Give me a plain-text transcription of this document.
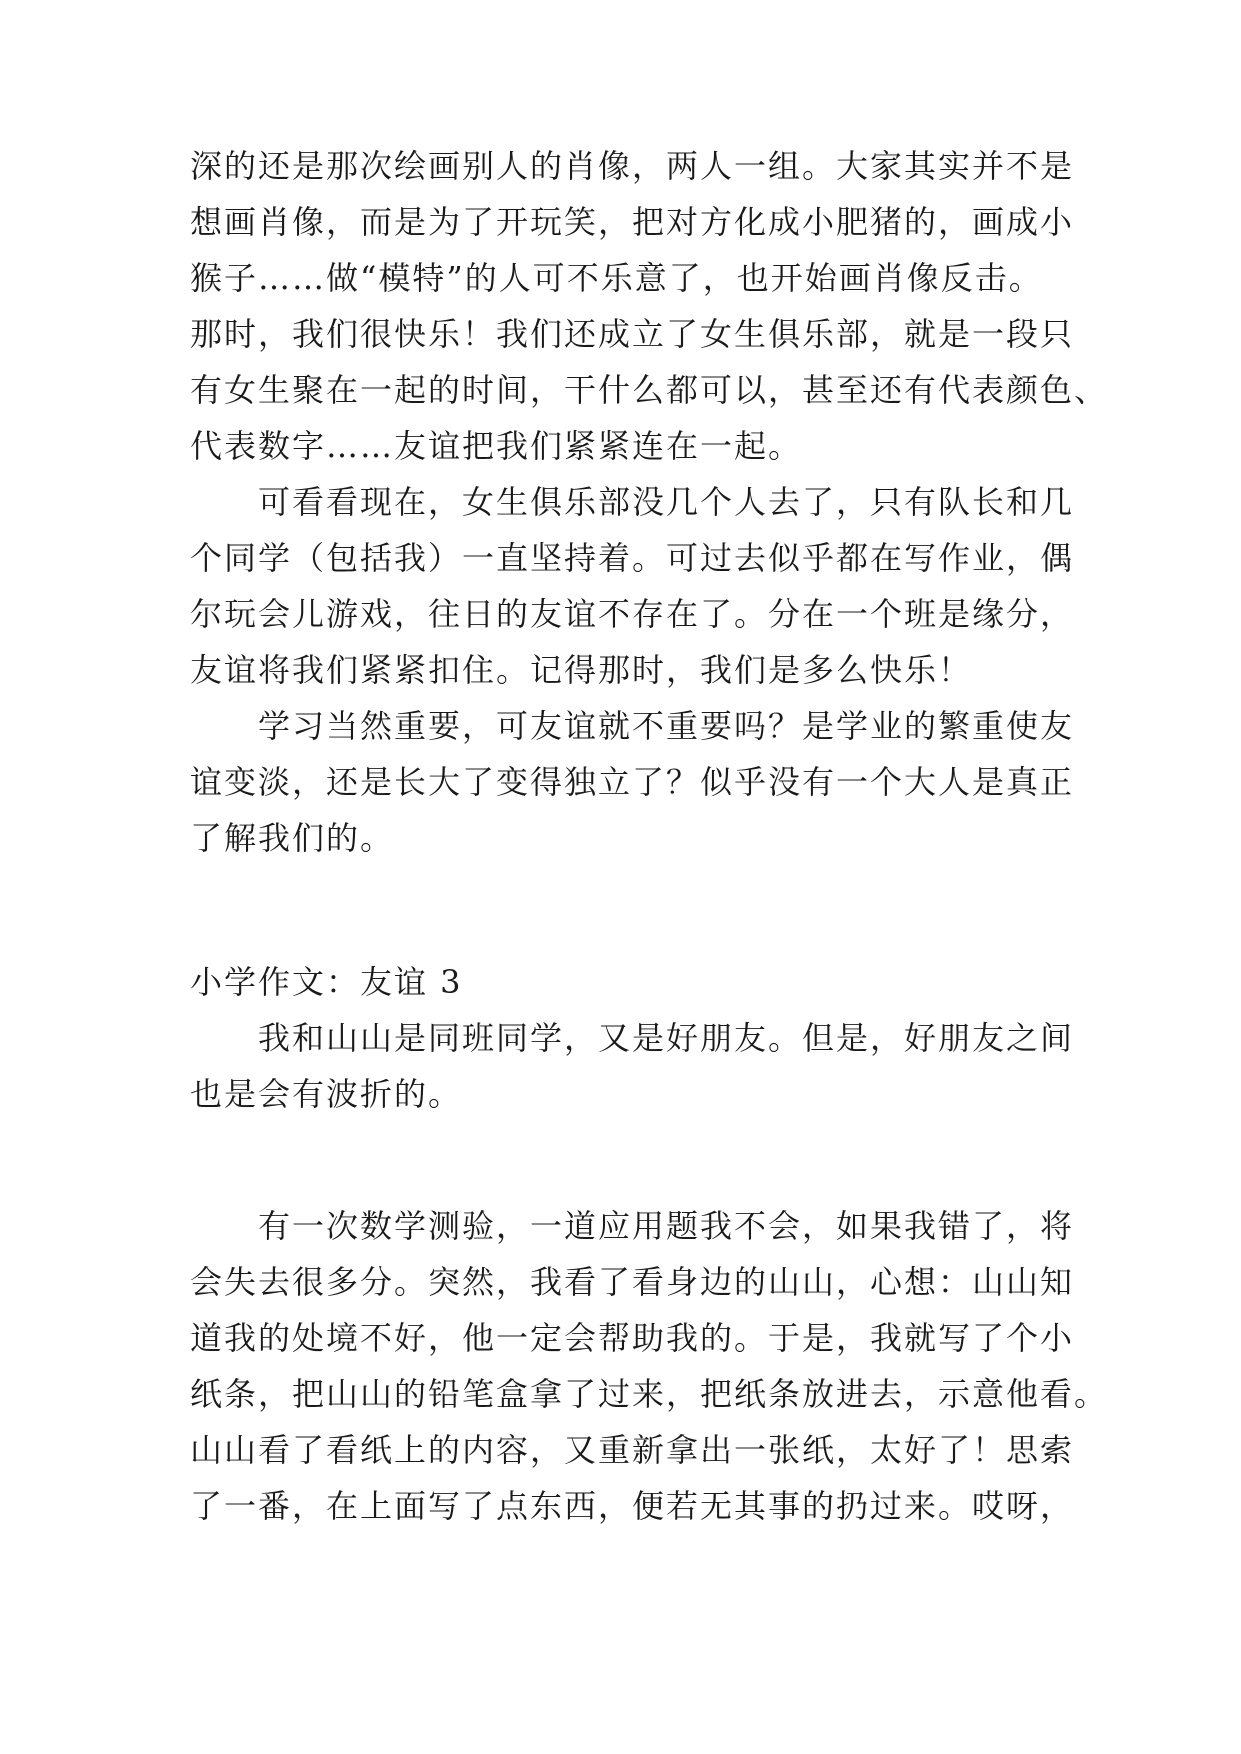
深的还是那次绘画别人的肖像，两人一组。大家其实并不是
想画肖像，而是为了开玩笑，把对方化成小肥猪的，画成小
猴子……做“模特”的人可不乐意了，也开始画肖像反击。
那时，我们很快乐！我们还成立了女生俱乐部，就是一段只
有女生聚在一起的时间，干什么都可以，甚至还有代表颜色、
代表数字……友谊把我们紧紧连在一起。
可看看现在，女生俱乐部没几个人去了，只有队长和几
个同学（包括我）一直坚持着。可过去似乎都在写作业，偶
尔玩会儿游戏，往日的友谊不存在了。分在一个班是缘分，
友谊将我们紧紧扣住。记得那时，我们是多么快乐！
学习当然重要，可友谊就不重要吗？是学业的繁重使友
谊变淡，还是长大了变得独立了？似乎没有一个大人是真正
了解我们的。
小学作文：友谊 3
我和山山是同班同学，又是好朋友。但是，好朋友之间
也是会有波折的。
有一次数学测验，一道应用题我不会，如果我错了，将
会失去很多分。突然，我看了看身边的山山，心想：山山知
道我的处境不好，他一定会帮助我的。于是，我就写了个小
纸条，把山山的铅笔盒拿了过来，把纸条放进去，示意他看。
山山看了看纸上的内容，又重新拿出一张纸，太好了！思索
了一番，在上面写了点东西，便若无其事的扔过来。哎呀，
